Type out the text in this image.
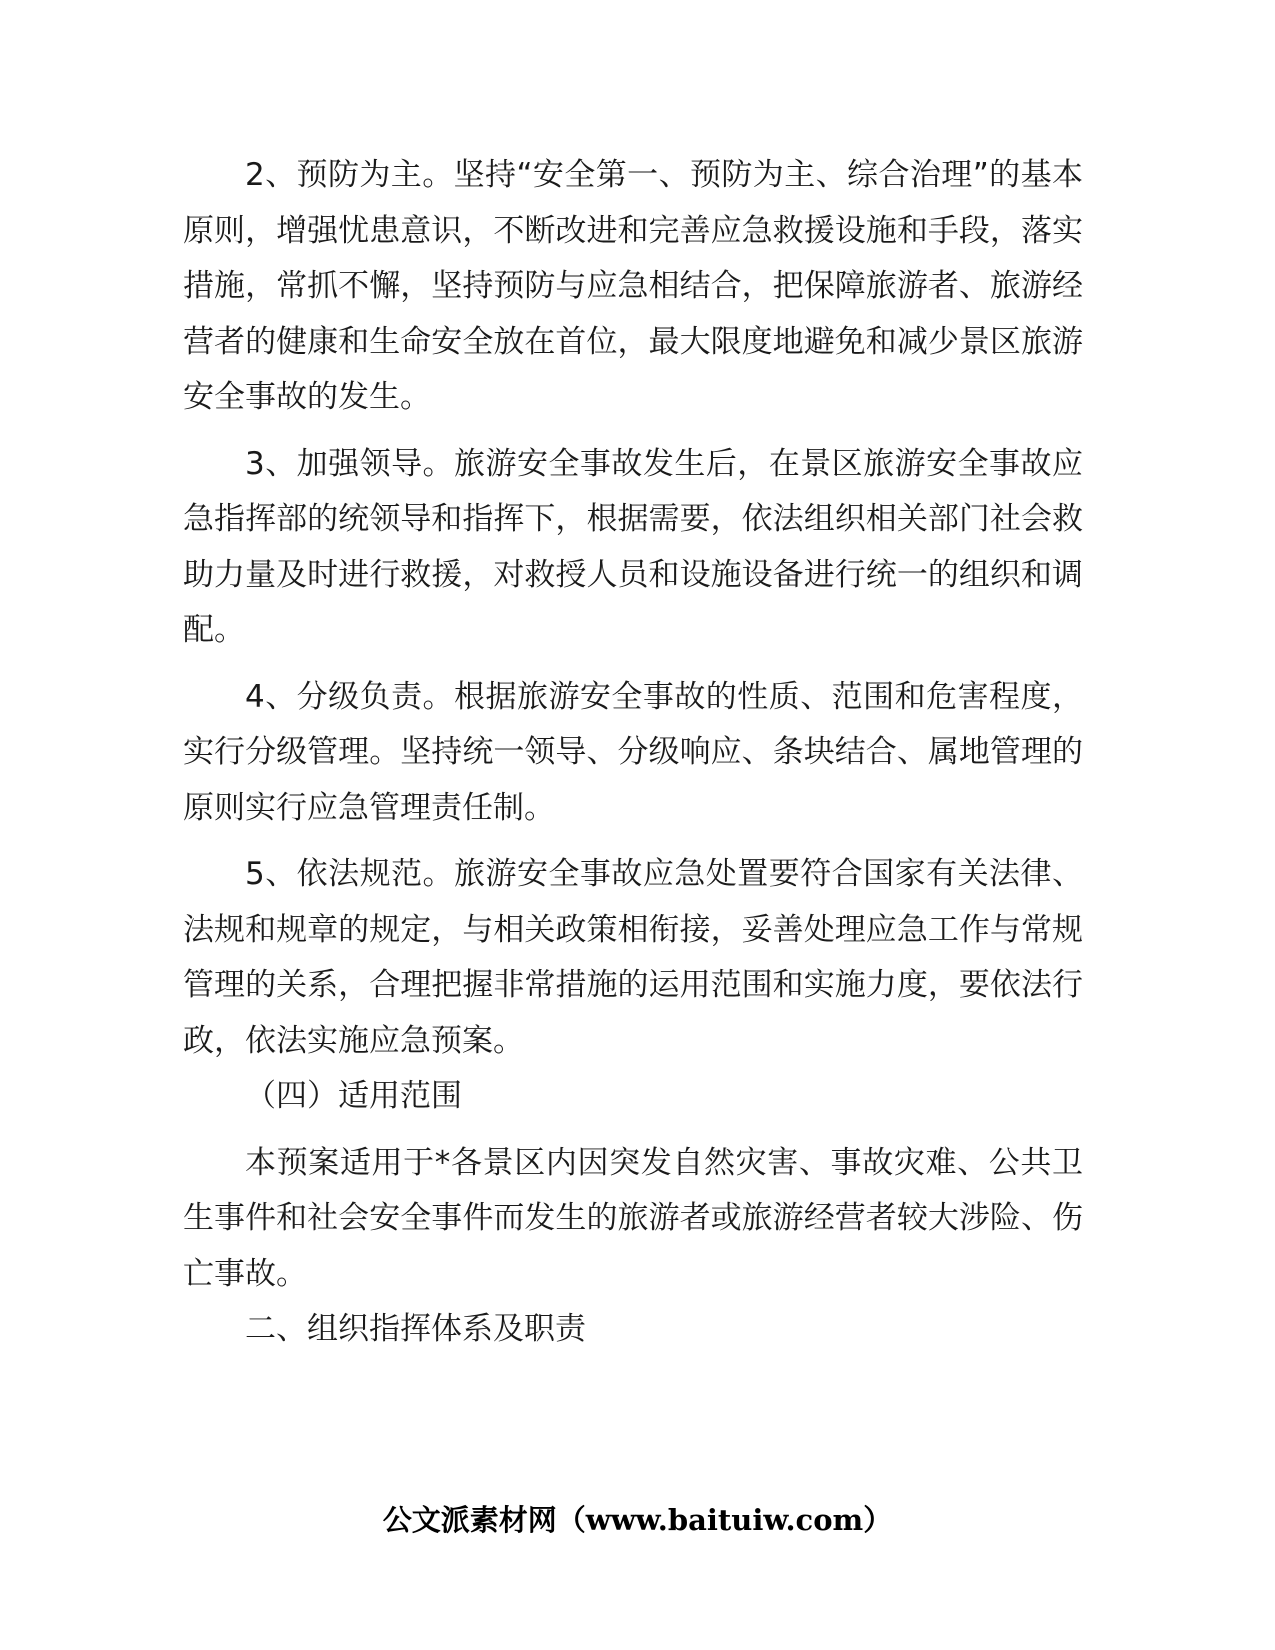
2、预防为主。坚持“安全第一、预防为主、综合治理”的基本原则，增强忧患意识，不断改进和完善应急救援设施和手段，落实措施，常抓不懈，坚持预防与应急相结合，把保障旅游者、旅游经营者的健康和生命安全放在首位，最大限度地避免和减少景区旅游安全事故的发生。

3、加强领导。旅游安全事故发生后，在景区旅游安全事故应急指挥部的统领导和指挥下，根据需要，依法组织相关部门社会救助力量及时进行救援，对救授人员和设施设备进行统一的组织和调配。

4、分级负责。根据旅游安全事故的性质、范围和危害程度，实行分级管理。坚持统一领导、分级响应、条块结合、属地管理的原则实行应急管理责任制。

5、依法规范。旅游安全事故应急处置要符合国家有关法律、法规和规章的规定，与相关政策相衔接，妥善处理应急工作与常规管理的关系，合理把握非常措施的运用范围和实施力度，要依法行政，依法实施应急预案。

（四）适用范围

本预案适用于*各景区内因突发自然灾害、事故灾难、公共卫生事件和社会安全事件而发生的旅游者或旅游经营者较大涉险、伤亡事故。

二、组织指挥体系及职责

公文派素材网（www.baituiw.com）
